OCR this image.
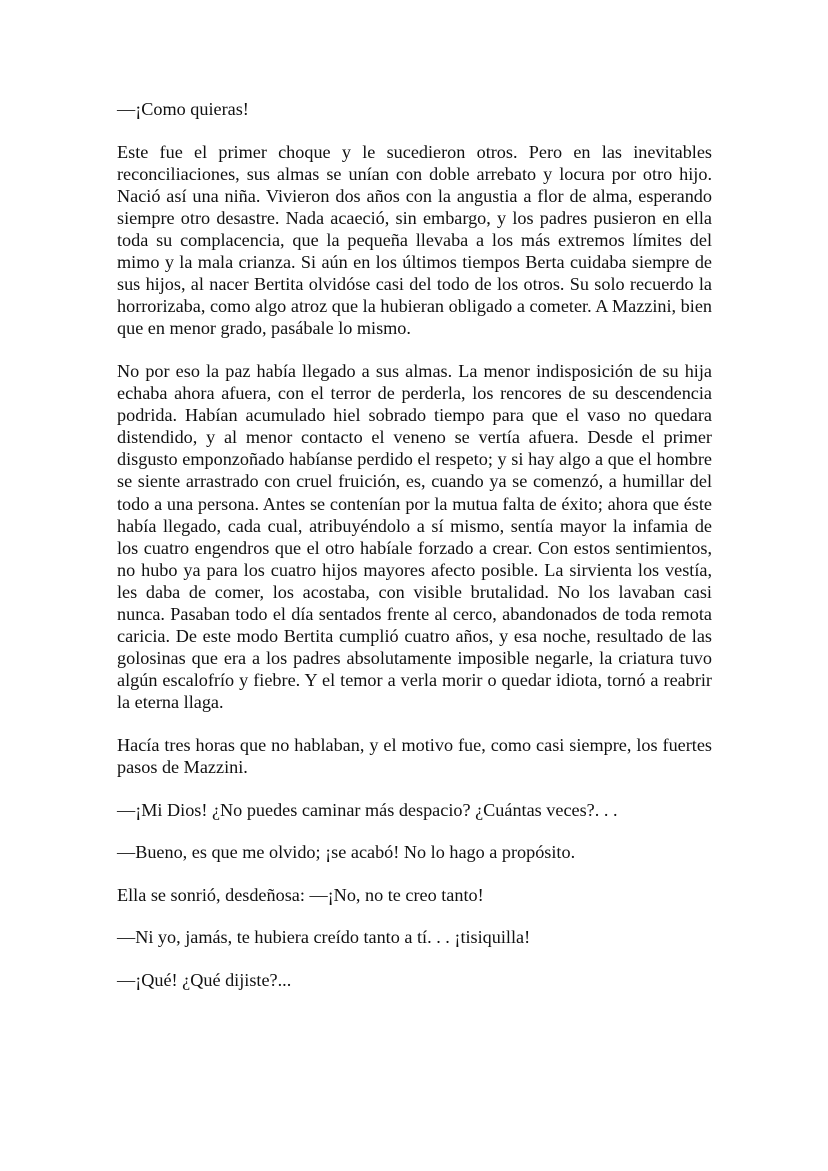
—¡Como quieras!

Este fue el primer choque y le sucedieron otros. Pero en las inevitables reconciliaciones, sus almas se unían con doble arrebato y locura por otro hijo. Nació así una niña. Vivieron dos años con la angustia a flor de alma, esperando siempre otro desastre. Nada acaeció, sin embargo, y los padres pusieron en ella toda su complacencia, que la pequeña llevaba a los más extremos límites del mimo y la mala crianza. Si aún en los últimos tiempos Berta cuidaba siempre de sus hijos, al nacer Bertita olvidóse casi del todo de los otros. Su solo recuerdo la horrorizaba, como algo atroz que la hubieran obligado a cometer. A Mazzini, bien que en menor grado, pasábale lo mismo.

No por eso la paz había llegado a sus almas. La menor indisposición de su hija echaba ahora afuera, con el terror de perderla, los rencores de su descendencia podrida. Habían acumulado hiel sobrado tiempo para que el vaso no quedara distendido, y al menor contacto el veneno se vertía afuera. Desde el primer disgusto emponzoñado habíanse perdido el respeto; y si hay algo a que el hombre se siente arrastrado con cruel fruición, es, cuando ya se comenzó, a humillar del todo a una persona. Antes se contenían por la mutua falta de éxito; ahora que éste había llegado, cada cual, atribuyéndolo a sí mismo, sentía mayor la infamia de los cuatro engendros que el otro habíale forzado a crear. Con estos sentimientos, no hubo ya para los cuatro hijos mayores afecto posible. La sirvienta los vestía, les daba de comer, los acostaba, con visible brutalidad. No los lavaban casi nunca. Pasaban todo el día sentados frente al cerco, abandonados de toda remota caricia. De este modo Bertita cumplió cuatro años, y esa noche, resultado de las golosinas que era a los padres absolutamente imposible negarle, la criatura tuvo algún escalofrío y fiebre. Y el temor a verla morir o quedar idiota, tornó a reabrir la eterna llaga.

Hacía tres horas que no hablaban, y el motivo fue, como casi siempre, los fuertes pasos de Mazzini.

—¡Mi Dios! ¿No puedes caminar más despacio? ¿Cuántas veces?. . .

—Bueno, es que me olvido; ¡se acabó! No lo hago a propósito.

Ella se sonrió, desdeñosa: —¡No, no te creo tanto!

—Ni yo, jamás, te hubiera creído tanto a tí. . . ¡tisiquilla!

—¡Qué! ¿Qué dijiste?...
